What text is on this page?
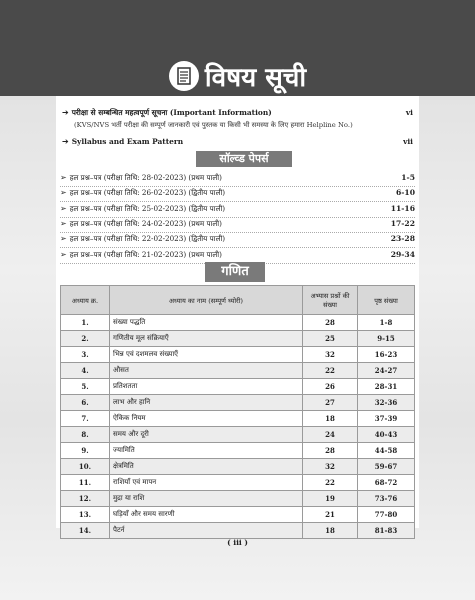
विषय सूची
➔ परीक्षा से सम्बन्धित महत्वपूर्ण सूचना (Important Information)	vi
(KVS/NVS भर्ती परीक्षा की सम्पूर्ण जानकारी एवं पुस्तक या किसी भी समस्या के लिए हमारा Helpline No.)
➔ Syllabus and Exam Pattern	vii
सॉल्व्ड पेपर्स
➢ हल प्रश्न–पत्र (परीक्षा तिथि: 28-02-2023) (प्रथम पाली)	1-5
➢ हल प्रश्न–पत्र (परीक्षा तिथि: 26-02-2023) (द्वितीय पाली)	6-10
➢ हल प्रश्न–पत्र (परीक्षा तिथि: 25-02-2023) (द्वितीय पाली)	11-16
➢ हल प्रश्न–पत्र (परीक्षा तिथि: 24-02-2023) (प्रथम पाली)	17-22
➢ हल प्रश्न–पत्र (परीक्षा तिथि: 22-02-2023) (द्वितीय पाली)	23-28
➢ हल प्रश्न–पत्र (परीक्षा तिथि: 21-02-2023) (प्रथम पाली)	29-34
गणित
अध्याय क्र.	अध्याय का नाम (सम्पूर्ण थ्योरी)	अभ्यास प्रश्नों की संख्या	पृष्ठ संख्या
1.	संख्या पद्धति	28	1-8
2.	गणितीय मूल संक्रियाएँ	25	9-15
3.	भिन्न एवं दशमलव संख्याएँ	32	16-23
4.	औसत	22	24-27
5.	प्रतिशतता	26	28-31
6.	लाभ और हानि	27	32-36
7.	ऐकिक नियम	18	37-39
8.	समय और दूरी	24	40-43
9.	ज्यामिति	28	44-58
10.	क्षेत्रमिति	32	59-67
11.	राशियाँ एवं मापन	22	68-72
12.	मुद्रा या राशि	19	73-76
13.	घड़ियाँ और समय सारणी	21	77-80
14.	पैटर्न	18	81-83
( iii )
